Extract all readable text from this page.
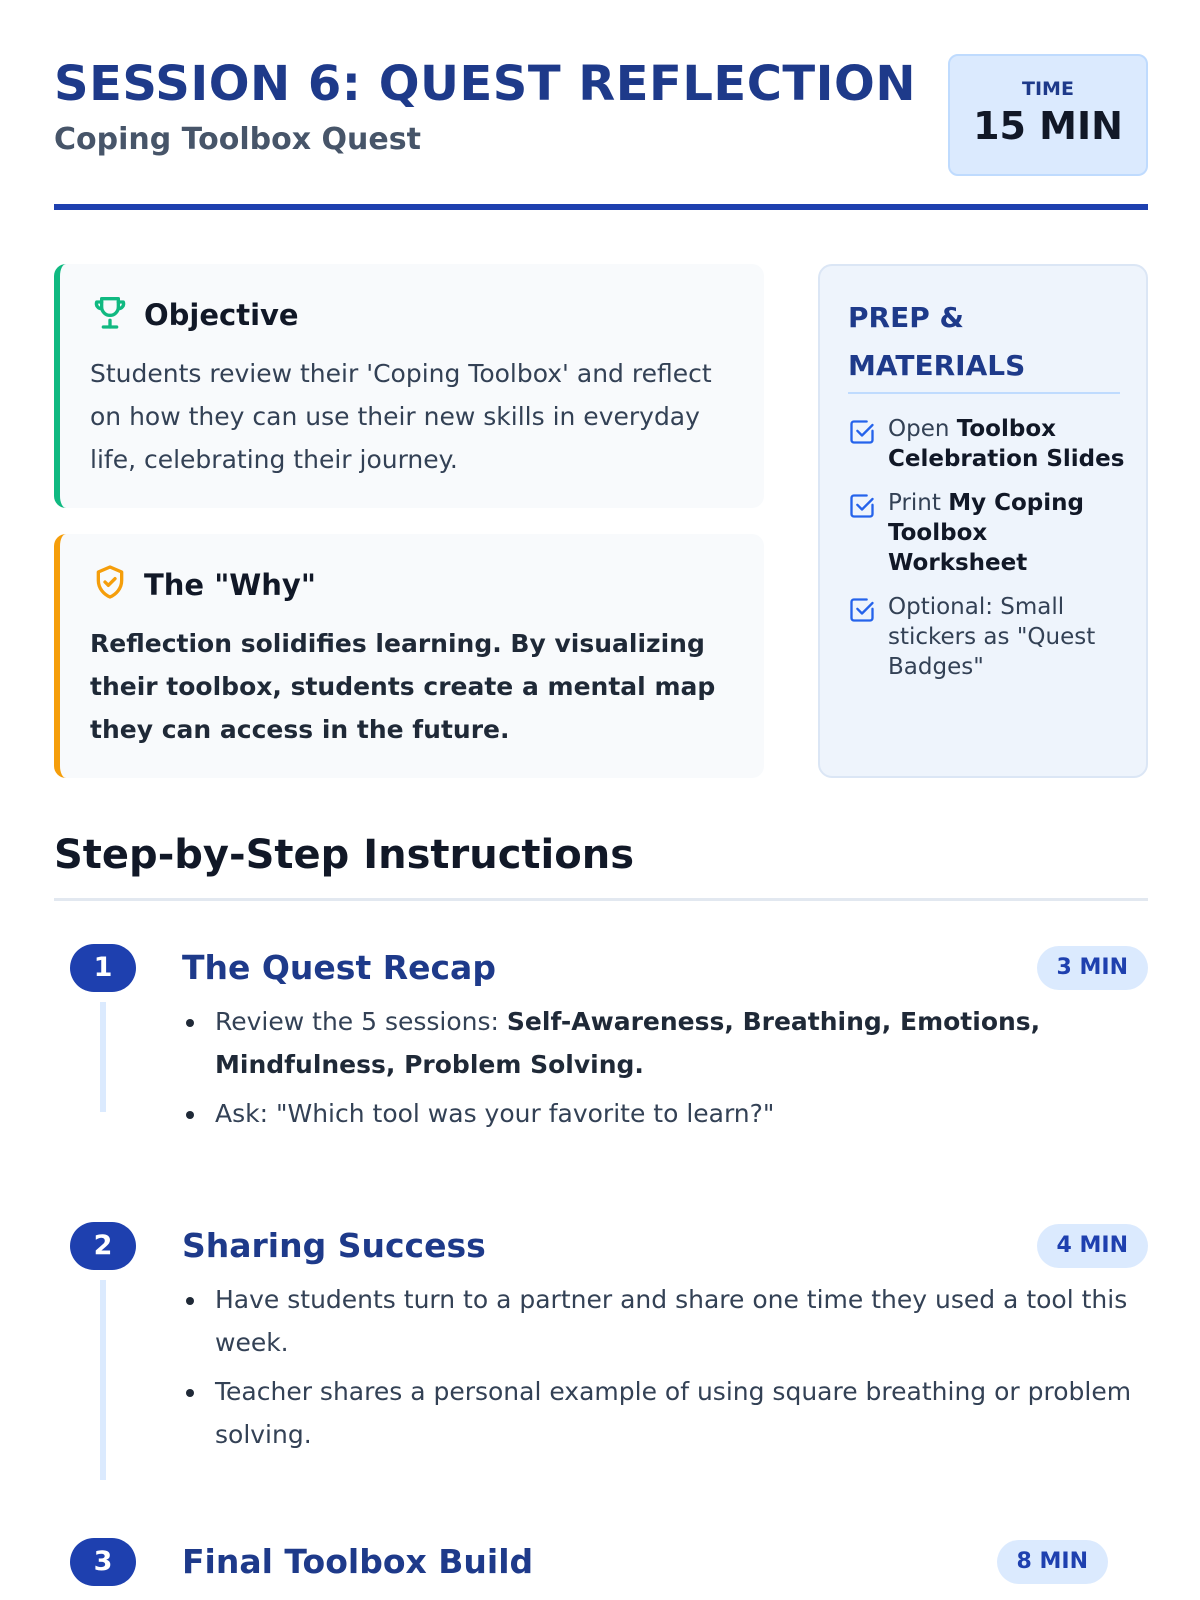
SESSION 6: QUEST REFLECTION
Coping Toolbox Quest
TIME
15 MIN
Objective
Students review their 'Coping Toolbox' and reflect on how they can use their new skills in everyday life, celebrating their journey.
The "Why"
Reflection solidifies learning. By visualizing their toolbox, students create a mental map they can access in the future.
PREP & MATERIALS
Open Toolbox Celebration Slides
Print My Coping Toolbox Worksheet
Optional: Small stickers as "Quest Badges"
Step-by-Step Instructions
1	The Quest Recap	3 MIN
Review the 5 sessions: Self-Awareness, Breathing, Emotions, Mindfulness, Problem Solving.
Ask: "Which tool was your favorite to learn?"
2	Sharing Success	4 MIN
Have students turn to a partner and share one time they used a tool this week.
Teacher shares a personal example of using square breathing or problem solving.
3	Final Toolbox Build	8 MIN
